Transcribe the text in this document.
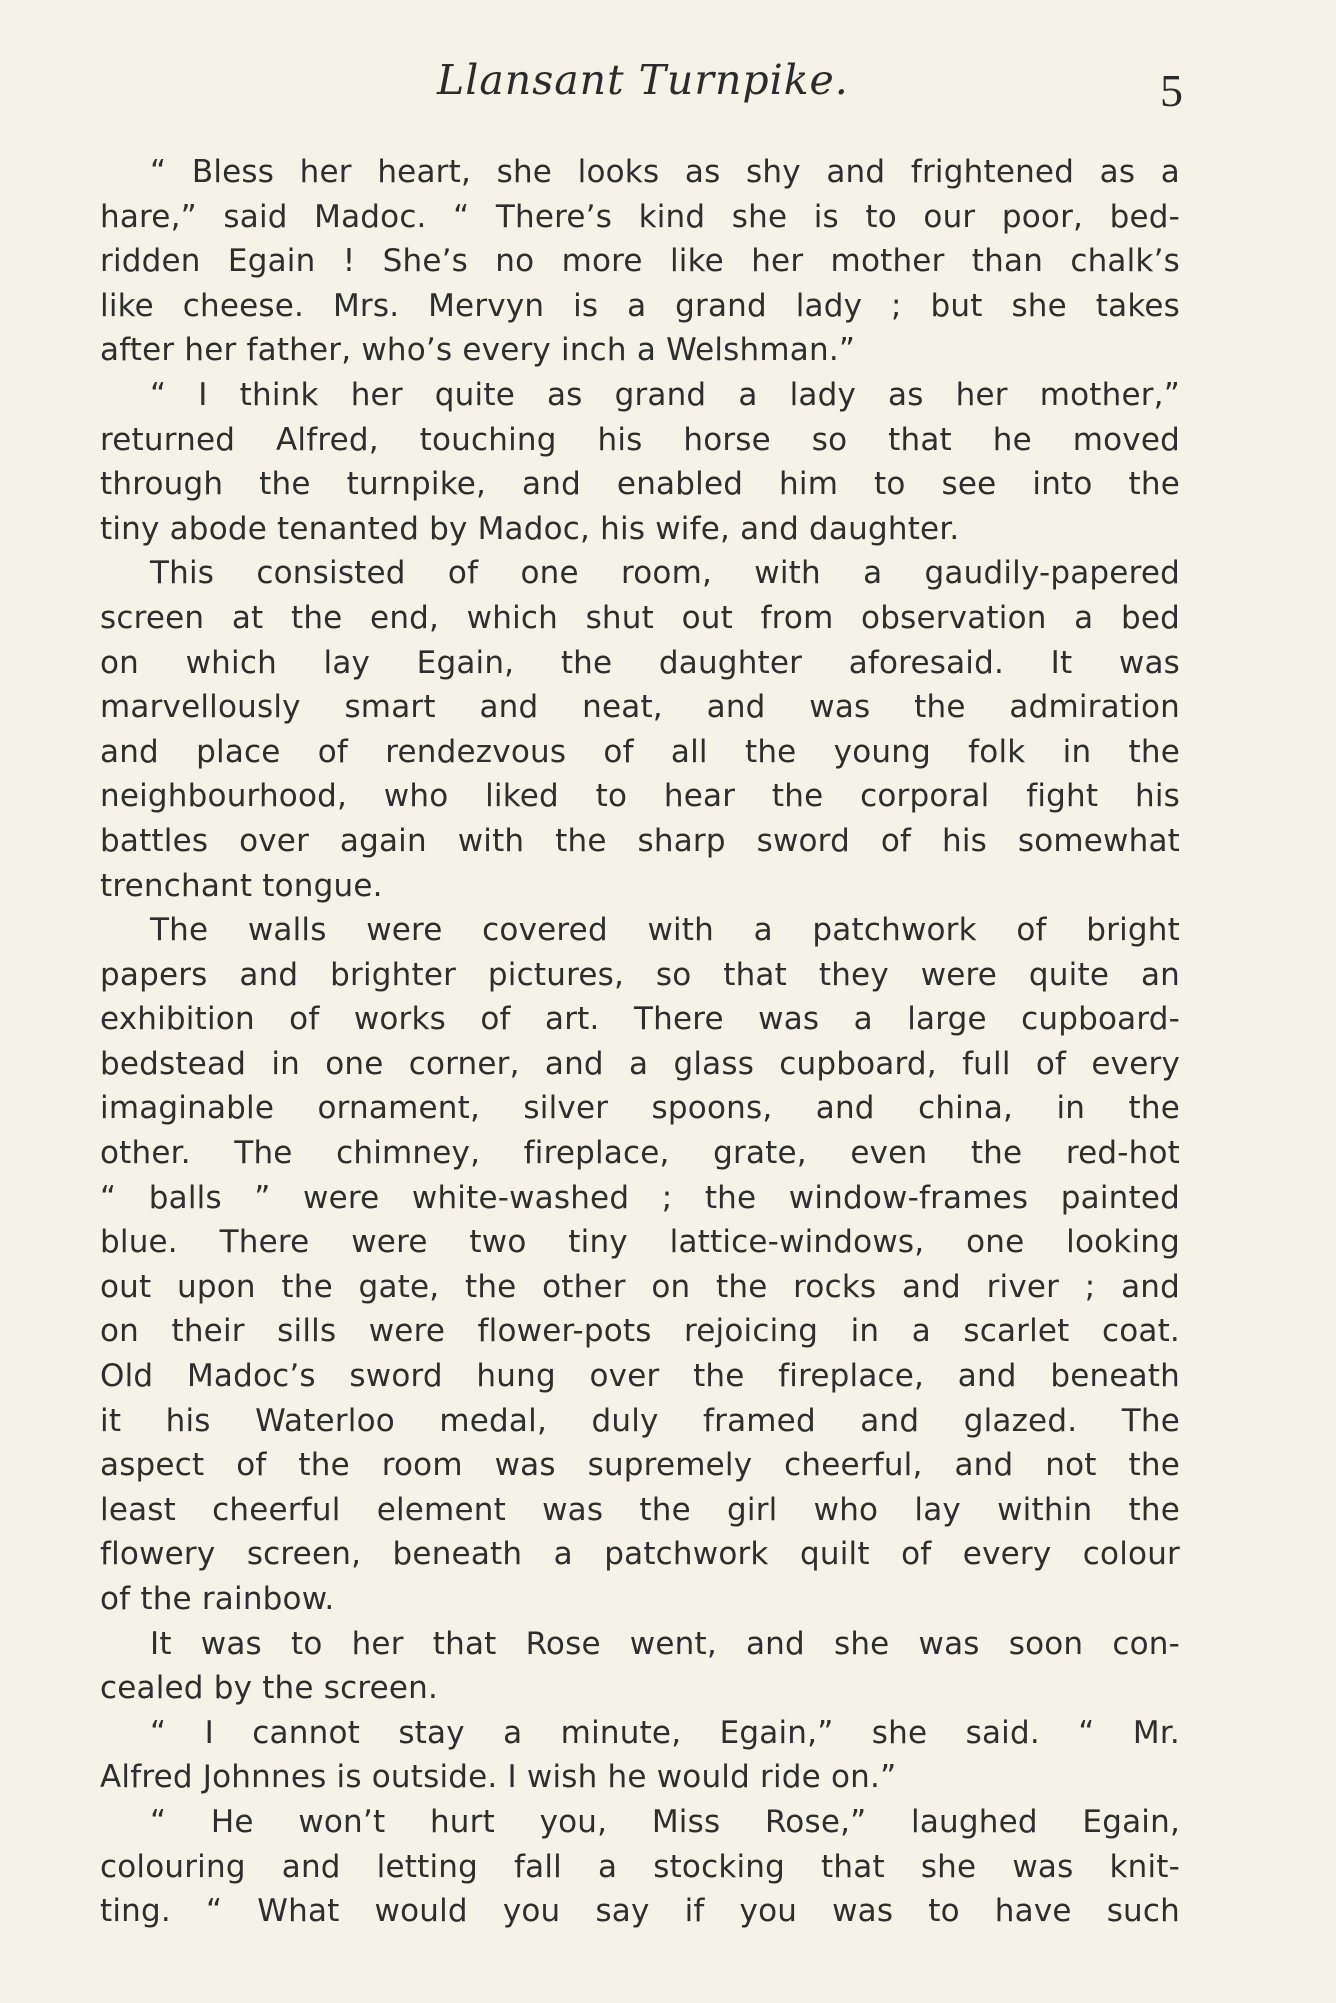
Llansant Turnpike.	5
“ Bless her heart, she looks as shy and frightened as a
hare,” said Madoc. “ There’s kind she is to our poor, bed-
ridden Egain ! She’s no more like her mother than chalk’s
like cheese. Mrs. Mervyn is a grand lady ; but she takes
after her father, who’s every inch a Welshman.”
“ I think her quite as grand a lady as her mother,”
returned Alfred, touching his horse so that he moved
through the turnpike, and enabled him to see into the
tiny abode tenanted by Madoc, his wife, and daughter.
This consisted of one room, with a gaudily-papered
screen at the end, which shut out from observation a bed
on which lay Egain, the daughter aforesaid. It was
marvellously smart and neat, and was the admiration
and place of rendezvous of all the young folk in the
neighbourhood, who liked to hear the corporal fight his
battles over again with the sharp sword of his somewhat
trenchant tongue.
The walls were covered with a patchwork of bright
papers and brighter pictures, so that they were quite an
exhibition of works of art. There was a large cupboard-
bedstead in one corner, and a glass cupboard, full of every
imaginable ornament, silver spoons, and china, in the
other. The chimney, fireplace, grate, even the red-hot
“ balls ” were white-washed ; the window-frames painted
blue. There were two tiny lattice-windows, one looking
out upon the gate, the other on the rocks and river ; and
on their sills were flower-pots rejoicing in a scarlet coat.
Old Madoc’s sword hung over the fireplace, and beneath
it his Waterloo medal, duly framed and glazed. The
aspect of the room was supremely cheerful, and not the
least cheerful element was the girl who lay within the
flowery screen, beneath a patchwork quilt of every colour
of the rainbow.
It was to her that Rose went, and she was soon con-
cealed by the screen.
“ I cannot stay a minute, Egain,” she said. “ Mr.
Alfred Johnnes is outside. I wish he would ride on.”
“ He won’t hurt you, Miss Rose,” laughed Egain,
colouring and letting fall a stocking that she was knit-
ting. “ What would you say if you was to have such
